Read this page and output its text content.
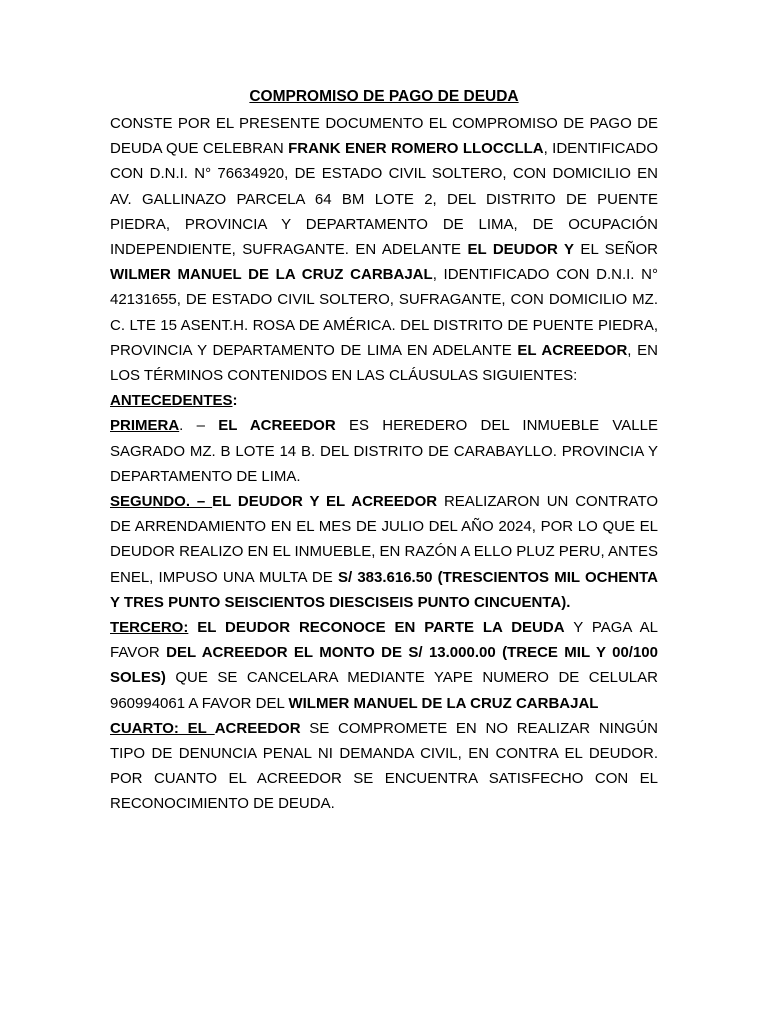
COMPROMISO DE PAGO DE DEUDA

CONSTE POR EL PRESENTE DOCUMENTO EL COMPROMISO DE PAGO DE DEUDA QUE CELEBRAN FRANK ENER ROMERO LLOCCLLA, IDENTIFICADO CON D.N.I. N° 76634920, DE ESTADO CIVIL SOLTERO, CON DOMICILIO EN AV. GALLINAZO PARCELA 64 BM LOTE 2, DEL DISTRITO DE PUENTE PIEDRA, PROVINCIA Y DEPARTAMENTO DE LIMA, DE OCUPACIÓN INDEPENDIENTE, SUFRAGANTE. EN ADELANTE EL DEUDOR Y EL SEÑOR WILMER MANUEL DE LA CRUZ CARBAJAL, IDENTIFICADO CON D.N.I. N° 42131655, DE ESTADO CIVIL SOLTERO, SUFRAGANTE, CON DOMICILIO MZ. C. LTE 15 ASENT.H. ROSA DE AMÉRICA. DEL DISTRITO DE PUENTE PIEDRA, PROVINCIA Y DEPARTAMENTO DE LIMA EN ADELANTE EL ACREEDOR, EN LOS TÉRMINOS CONTENIDOS EN LAS CLÁUSULAS SIGUIENTES:

ANTECEDENTES:

PRIMERA. – EL ACREEDOR ES HEREDERO DEL INMUEBLE VALLE SAGRADO MZ. B LOTE 14 B. DEL DISTRITO DE CARABAYLLO. PROVINCIA Y DEPARTAMENTO DE LIMA.

SEGUNDO. – EL DEUDOR Y EL ACREEDOR REALIZARON UN CONTRATO DE ARRENDAMIENTO EN EL MES DE JULIO DEL AÑO 2024, POR LO QUE EL DEUDOR REALIZO EN EL INMUEBLE, EN RAZÓN A ELLO PLUZ PERU, ANTES ENEL, IMPUSO UNA MULTA DE S/ 383.616.50 (TRESCIENTOS MIL OCHENTA Y TRES PUNTO SEISCIENTOS DIESCISEIS PUNTO CINCUENTA).

TERCERO: EL DEUDOR RECONOCE EN PARTE LA DEUDA Y PAGA AL FAVOR DEL ACREEDOR EL MONTO DE S/ 13.000.00 (TRECE MIL Y 00/100 SOLES) QUE SE CANCELARA MEDIANTE YAPE NUMERO DE CELULAR 960994061 A FAVOR DEL WILMER MANUEL DE LA CRUZ CARBAJAL

CUARTO: EL ACREEDOR SE COMPROMETE EN NO REALIZAR NINGÚN TIPO DE DENUNCIA PENAL NI DEMANDA CIVIL, EN CONTRA EL DEUDOR. POR CUANTO EL ACREEDOR SE ENCUENTRA SATISFECHO CON EL RECONOCIMIENTO DE DEUDA.
